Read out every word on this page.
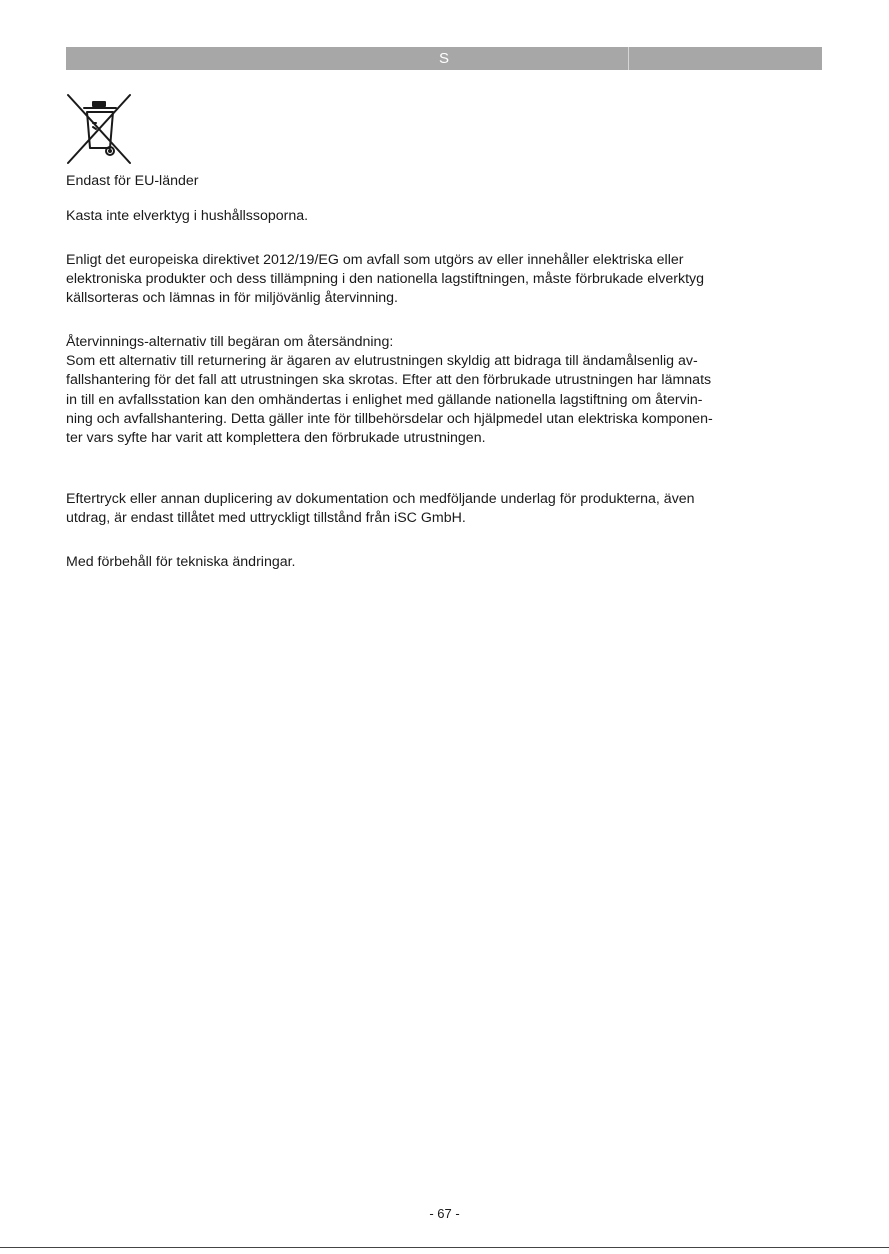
S
Endast för EU-länder
Kasta inte elverktyg i hushållssoporna.
Enligt det europeiska direktivet 2012/19/EG om avfall som utgörs av eller innehåller elektriska eller
elektroniska produkter och dess tillämpning i den nationella lagstiftningen, måste förbrukade elverktyg
källsorteras och lämnas in för miljövänlig återvinning.
Återvinnings-alternativ till begäran om återsändning:
Som ett alternativ till returnering är ägaren av elutrustningen skyldig att bidraga till ändamålsenlig av-
fallshantering för det fall att utrustningen ska skrotas. Efter att den förbrukade utrustningen har lämnats
in till en avfallsstation kan den omhändertas i enlighet med gällande nationella lagstiftning om återvin-
ning och avfallshantering. Detta gäller inte för tillbehörsdelar och hjälpmedel utan elektriska komponen-
ter vars syfte har varit att komplettera den förbrukade utrustningen.
Eftertryck eller annan duplicering av dokumentation och medföljande underlag för produkterna, även
utdrag, är endast tillåtet med uttryckligt tillstånd från iSC GmbH.
Med förbehåll för tekniska ändringar.
- 67 -
